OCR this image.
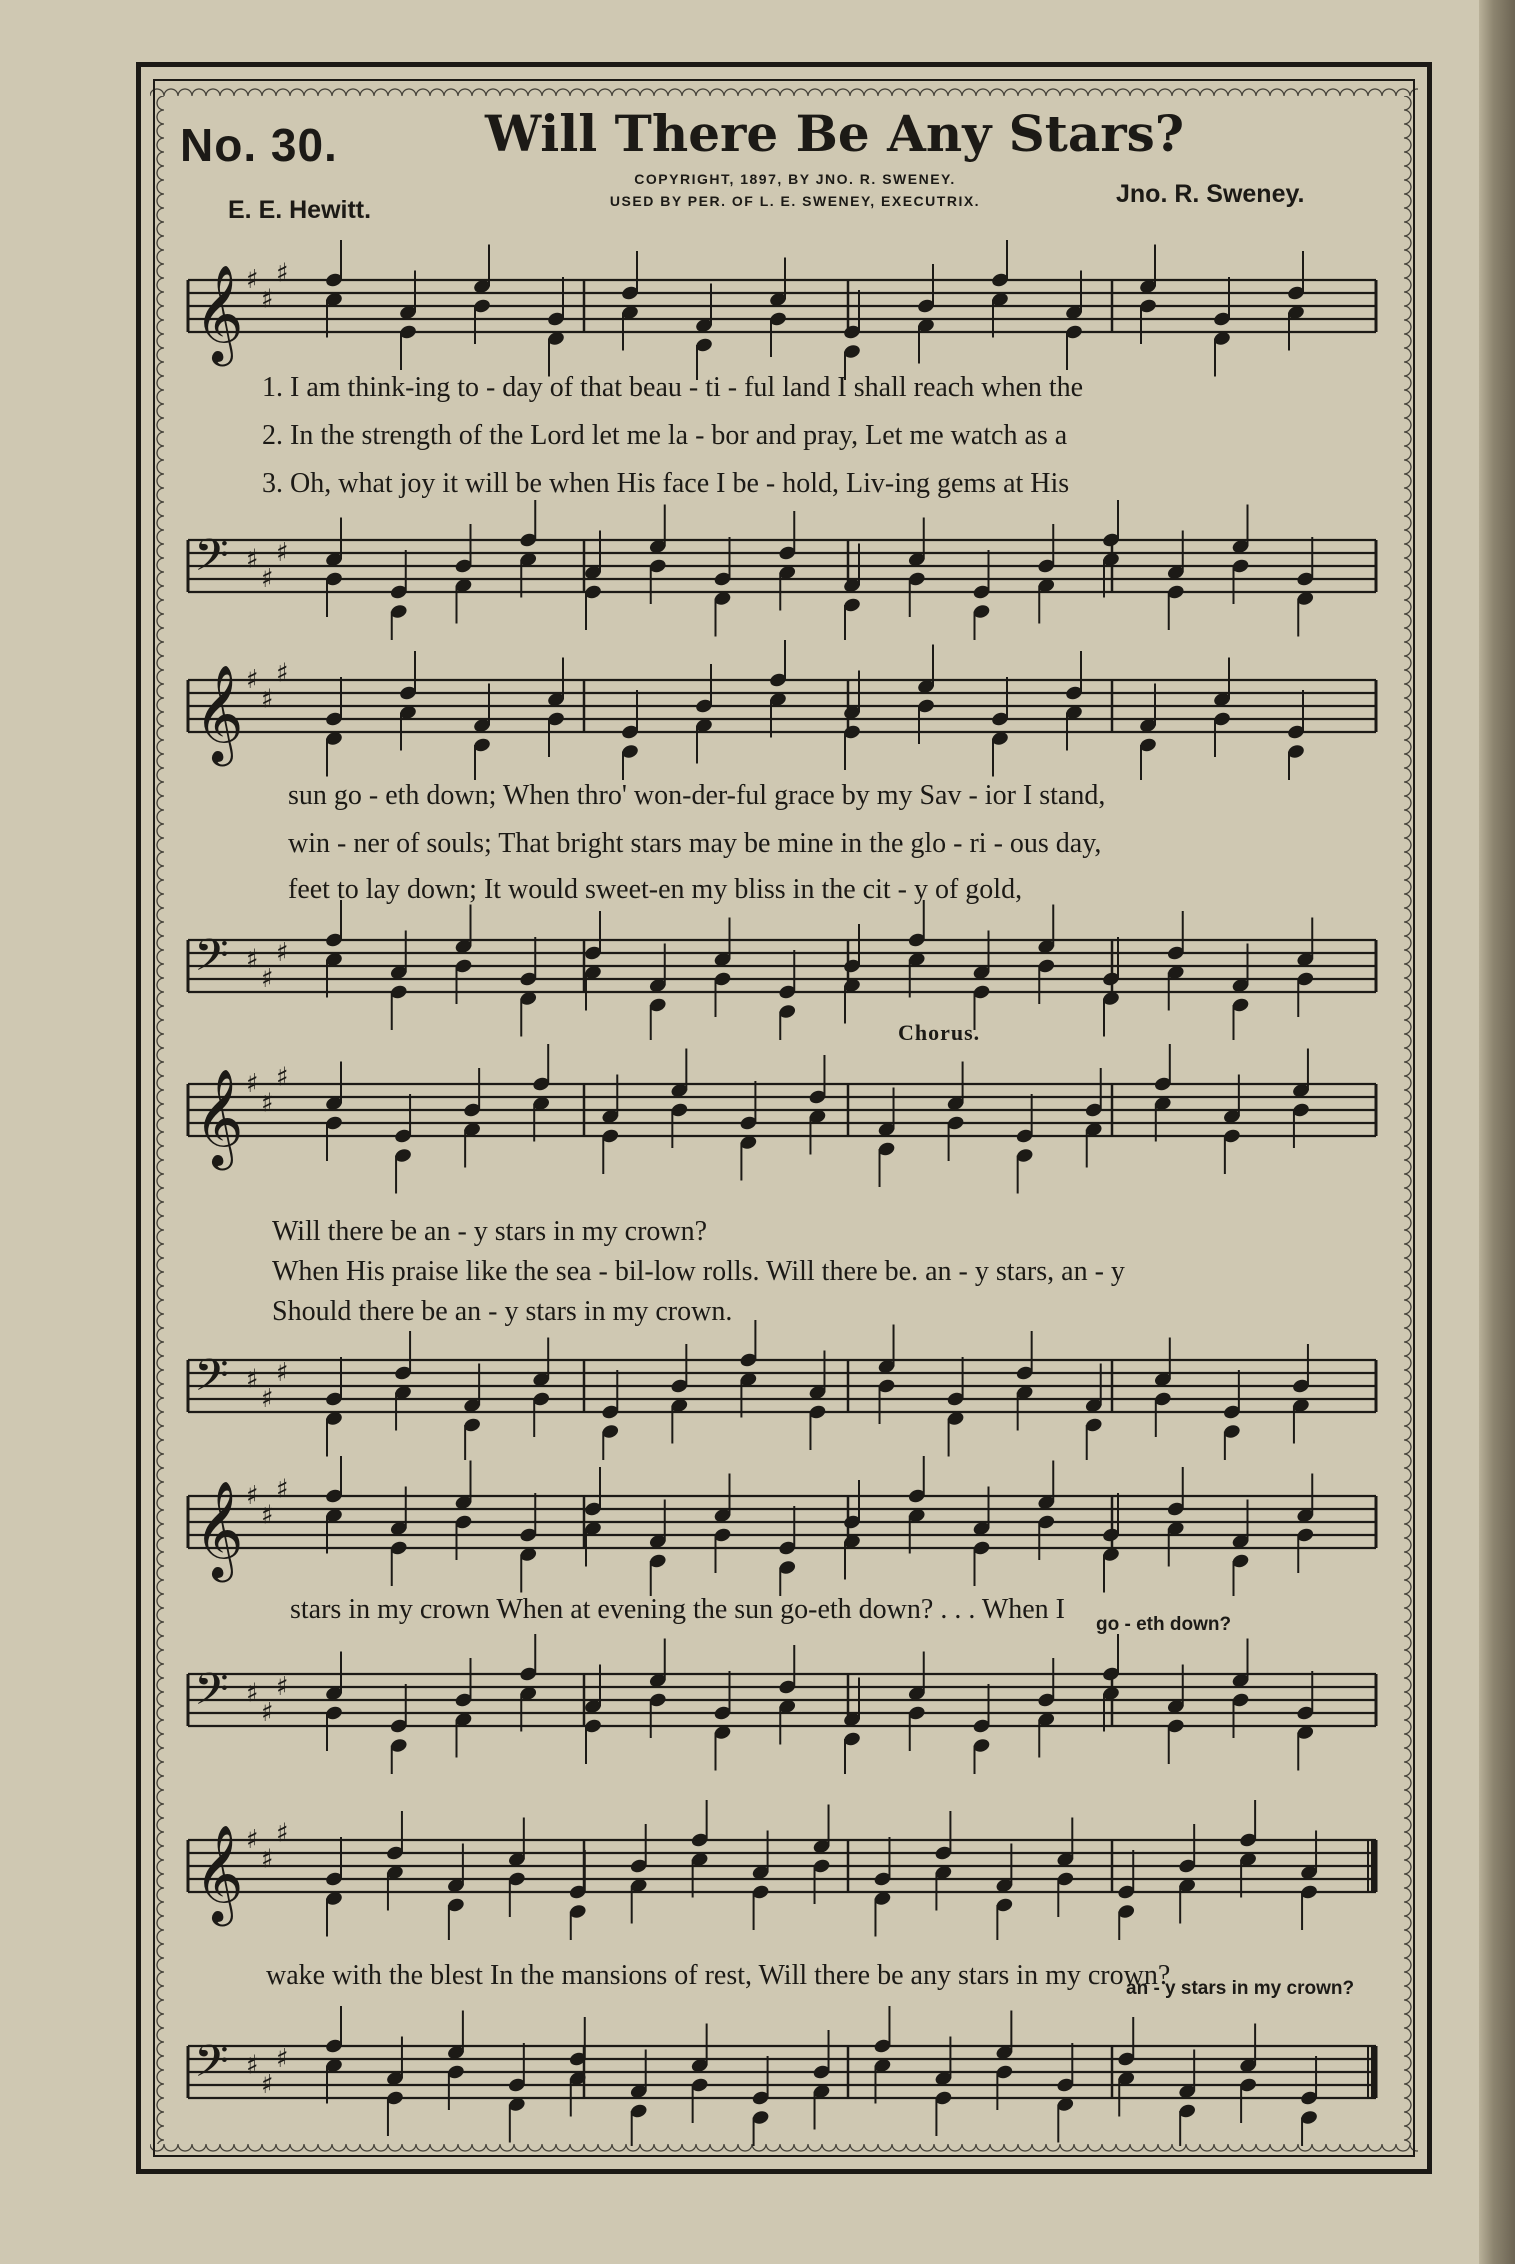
No. 30.	Will There Be Any Stars?
E. E. Hewitt.
Jno. R. Sweney.
COPYRIGHT, 1897, BY JNO. R. SWENEY.
USED BY PER. OF L. E. SWENEY, EXECUTRIX.
𝄞 ♯
♯
♯
1. I am think-ing to - day of that beau - ti - ful land I shall reach when the
2. In the strength of the Lord let me la - bor and pray, Let me watch as a
3. Oh, what joy it will be when His face I be - hold, Liv-ing gems at His
𝄢 ♯
♯
♯
𝄞 ♯
♯
♯
sun go - eth down; When thro' won-der-ful grace by my Sav - ior I stand,
win - ner of souls; That bright stars may be mine in the glo - ri - ous day,
feet to lay down; It would sweet-en my bliss in the cit - y of gold,
𝄢 ♯
♯
♯
Chorus.
𝄞 ♯
♯
♯
Will there be an - y stars in my crown?
When His praise like the sea - bil-low rolls. Will there be. an - y stars, an - y
Should there be an - y stars in my crown.
𝄢 ♯
♯
♯
𝄞 ♯
♯
♯
stars in my crown When at evening the sun go-eth down? . . . When I go - eth down?
𝄢 ♯
♯
♯
𝄞 ♯
♯
♯
wake with the blest In the mansions of rest, Will there be any stars in my crown?
an - y stars in my crown?
𝄢 ♯
♯
♯
